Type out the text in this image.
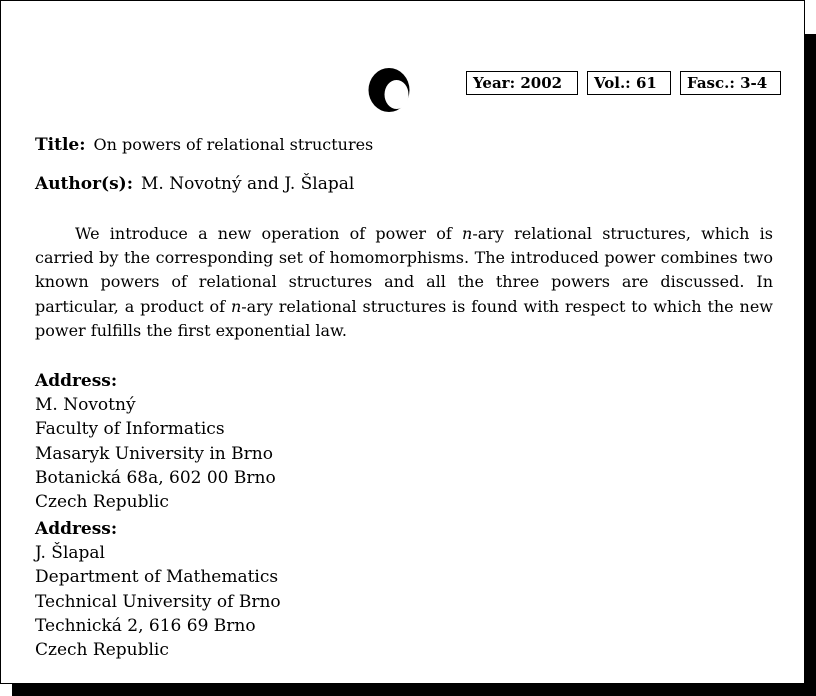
Year: 2002	Vol.: 61	Fasc.: 3-4
Title: On powers of relational structures
Author(s): M. Novotný and J. Šlapal

We introduce a new operation of power of n-ary relational structures, which is carried by the corresponding set of homomorphisms. The introduced power combines two known powers of relational structures and all the three powers are discussed. In particular, a product of n-ary relational structures is found with respect to which the new power fulfills the first exponential law.

Address:
M. Novotný
Faculty of Informatics
Masaryk University in Brno
Botanická 68a, 602 00 Brno
Czech Republic
Address:
J. Šlapal
Department of Mathematics
Technical University of Brno
Technická 2, 616 69 Brno
Czech Republic
